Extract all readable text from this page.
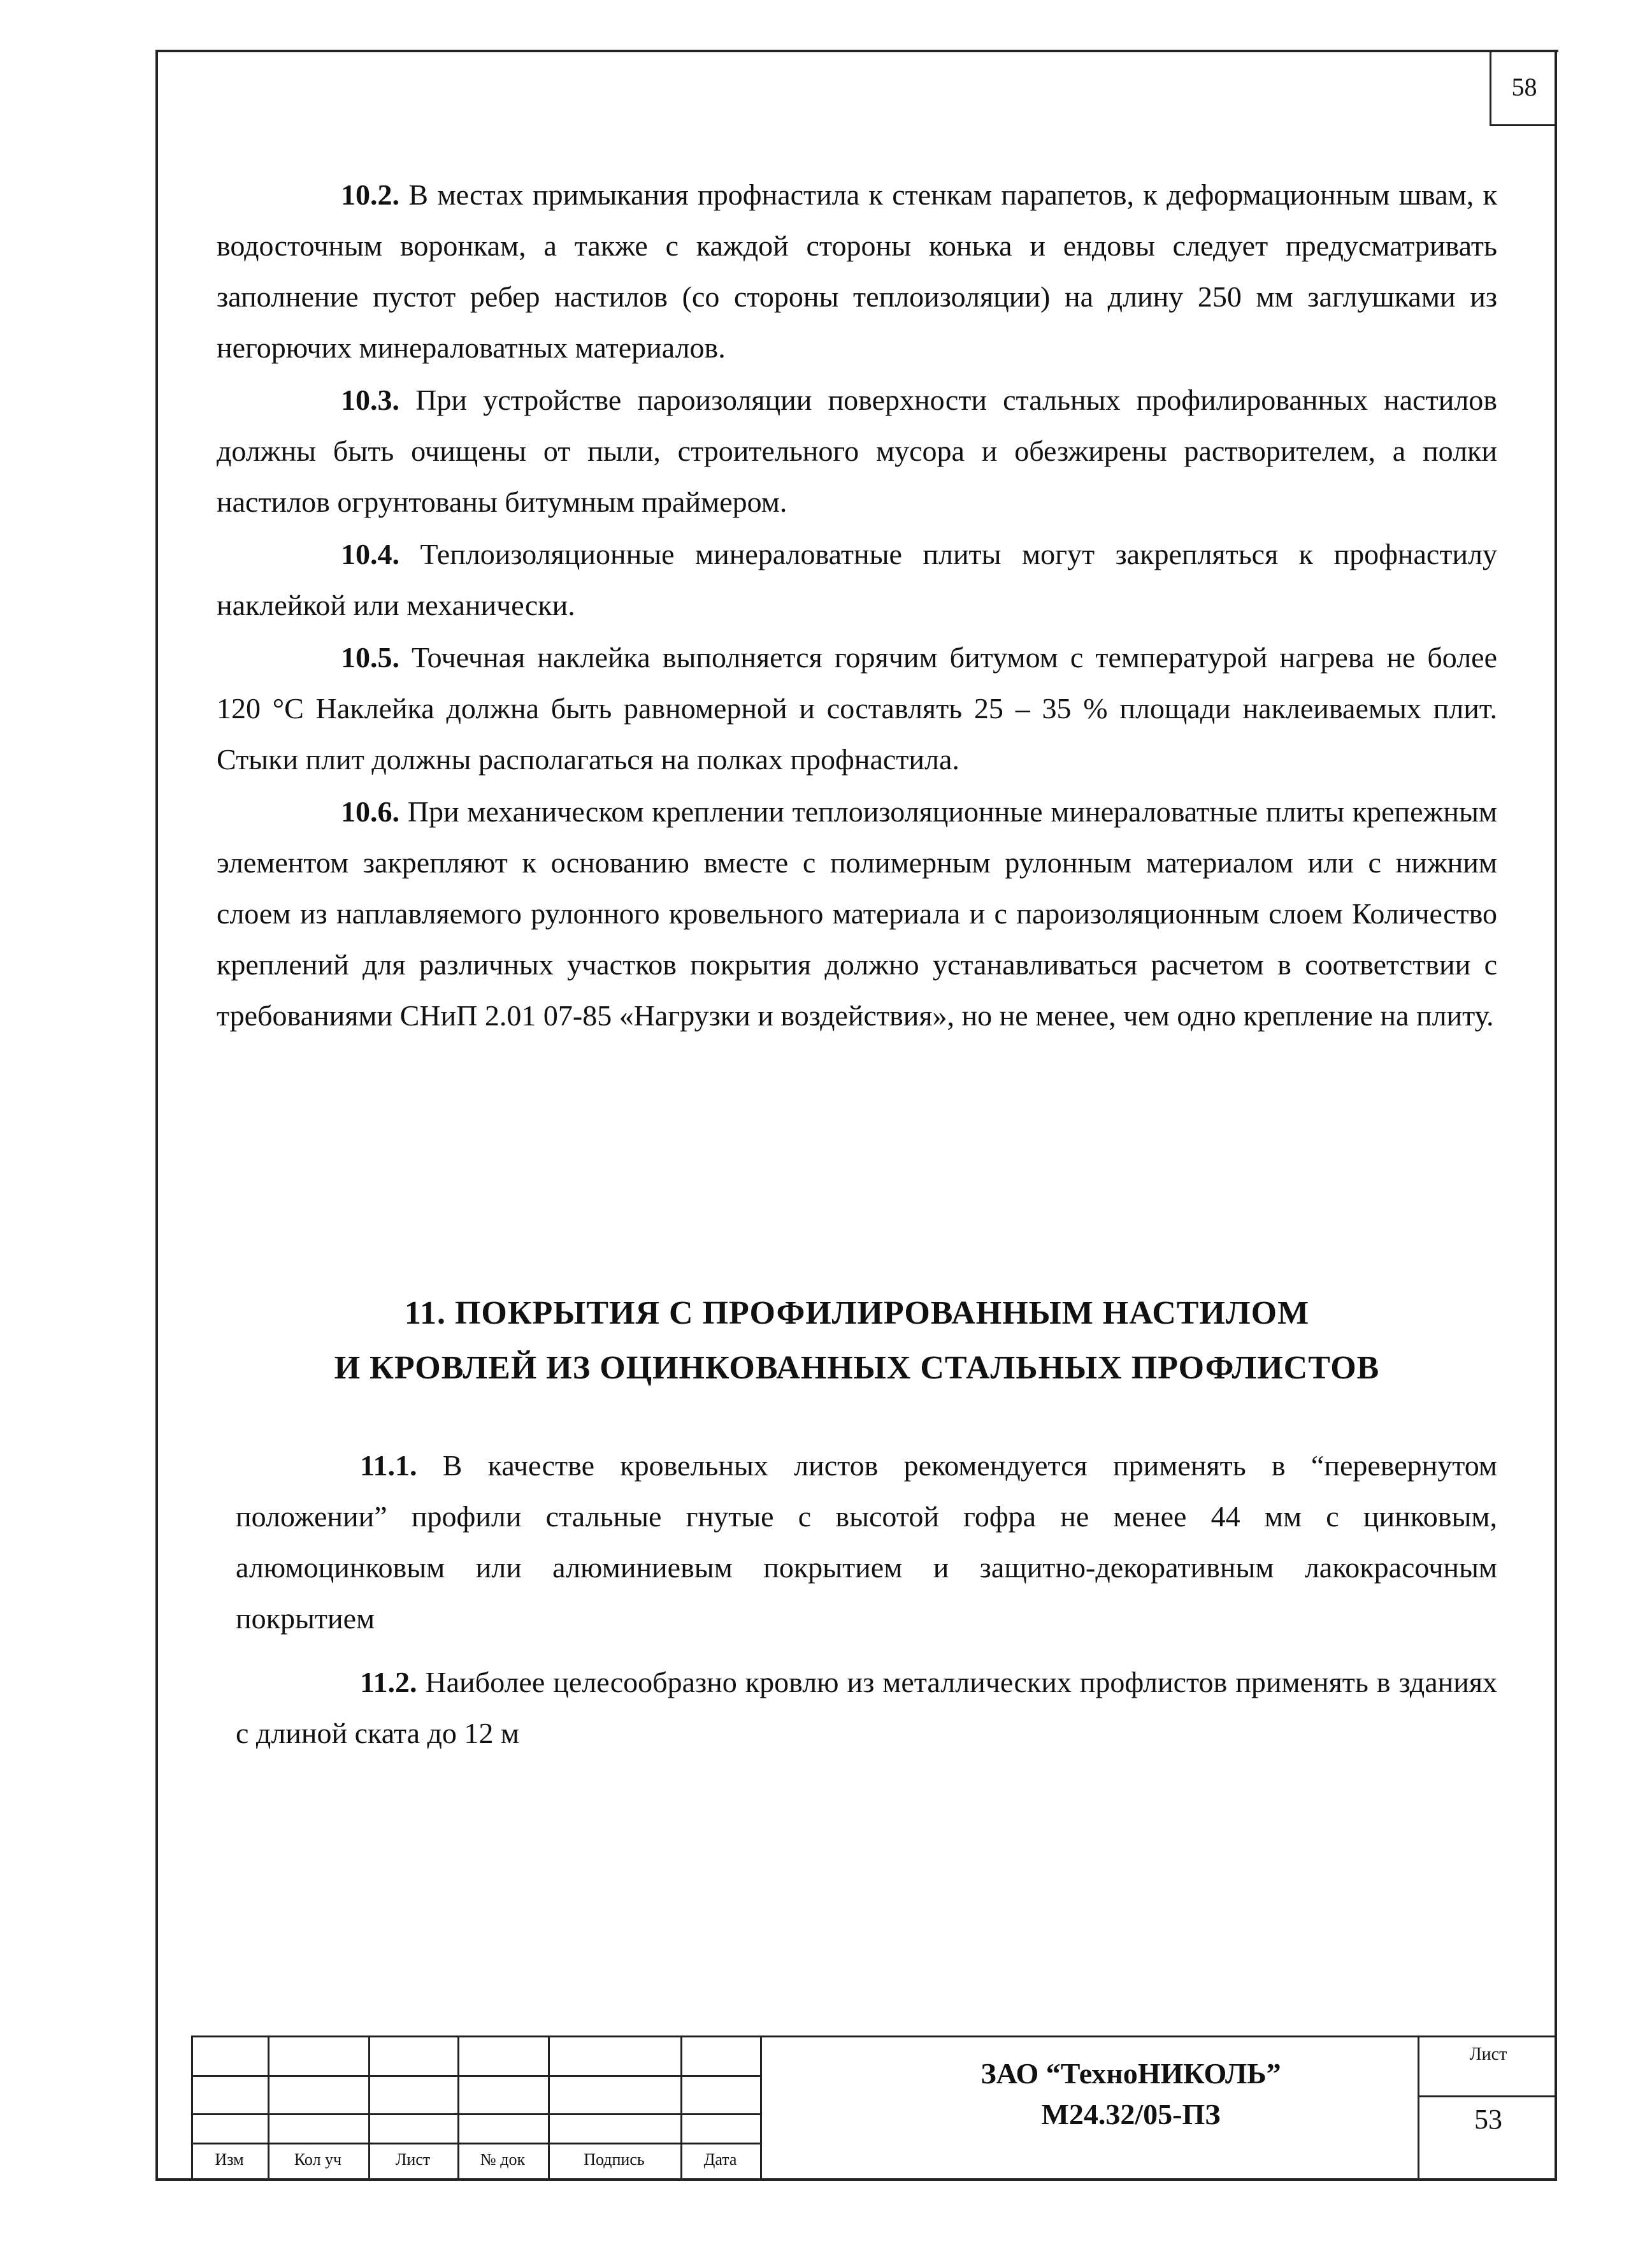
58

10.2. В местах примыкания профнастила к стенкам парапетов, к деформационным швам, к водосточным воронкам, а также с каждой стороны конька и ендовы следует предусматривать заполнение пустот ребер настилов (со стороны теплоизоляции) на длину 250 мм заглушками из негорючих минераловатных материалов.

10.3. При устройстве пароизоляции поверхности стальных профилированных настилов должны быть очищены от пыли, строительного мусора и обезжирены растворителем, а полки настилов огрунтованы битумным праймером.

10.4. Теплоизоляционные минераловатные плиты могут закрепляться к профнастилу наклейкой или механически.

10.5. Точечная наклейка выполняется горячим битумом с температурой нагрева не более 120 °С Наклейка должна быть равномерной и составлять 25 – 35 % площади наклеиваемых плит. Стыки плит должны располагаться на полках профнастила.

10.6. При механическом креплении теплоизоляционные минераловатные плиты крепежным элементом закрепляют к основанию вместе с полимерным рулонным материалом или с нижним слоем из наплавляемого рулонного кровельного материала и с пароизоляционным слоем Количество креплений для различных участков покрытия должно устанавливаться расчетом в соответствии с требованиями СНиП 2.01 07-85 «Нагрузки и воздействия», но не менее, чем одно крепление на плиту.

11. ПОКРЫТИЯ С ПРОФИЛИРОВАННЫМ НАСТИЛОМ
И КРОВЛЕЙ ИЗ ОЦИНКОВАННЫХ СТАЛЬНЫХ ПРОФЛИСТОВ

11.1. В качестве кровельных листов рекомендуется применять в “перевернутом положении” профили стальные гнутые с высотой гофра не менее 44 мм с цинковым, алюмоцинковым или алюминиевым покрытием и защитно-декоративным лакокрасочным покрытием

11.2. Наиболее целесообразно кровлю из металлических профлистов применять в зданиях с длиной ската до 12 м

Изм	Кол уч	Лист	№ док	Подпись	Дата
ЗАО “ТехноНИКОЛЬ”
М24.32/05-ПЗ
Лист
53
